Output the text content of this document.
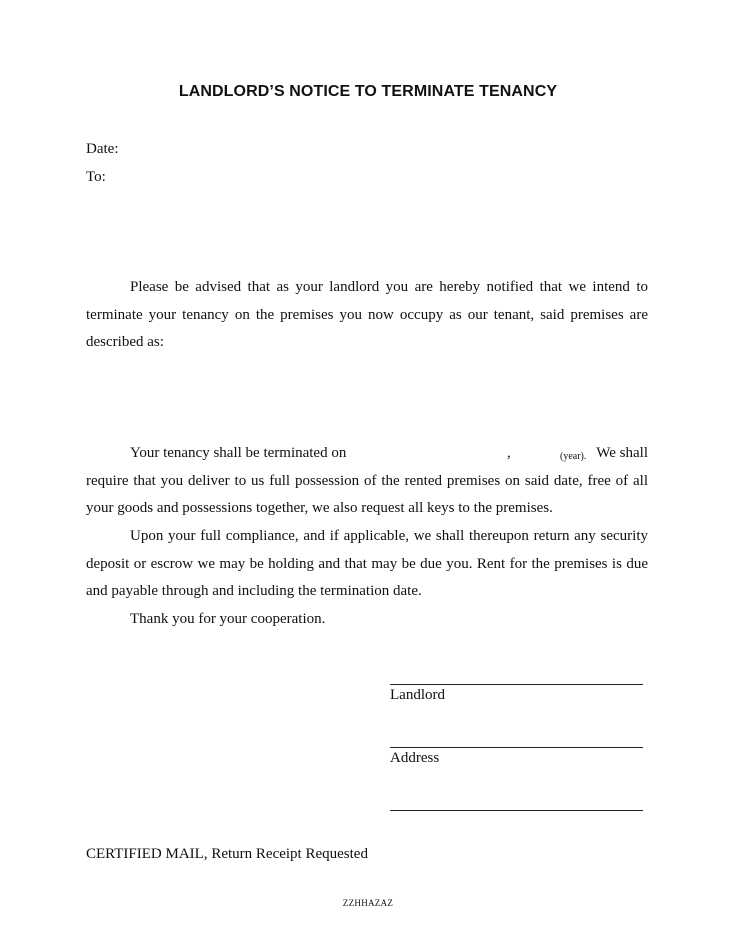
LANDLORD’S NOTICE TO TERMINATE TENANCY
Date:
To:

Please be advised that as your landlord you are hereby notified that we intend to terminate your tenancy on the premises you now occupy as our tenant, said premises are described as:

Your tenancy shall be terminated on	,	(year). We shall
require that you deliver to us full possession of the rented premises on said date, free of all your goods and possessions together, we also request all keys to the premises.

Upon your full compliance, and if applicable, we shall thereupon return any security deposit or escrow we may be holding and that may be due you. Rent for the premises is due and payable through and including the termination date.

Thank you for your cooperation.

Landlord
Address
CERTIFIED MAIL, Return Receipt Requested
ZZHHAZAZ
